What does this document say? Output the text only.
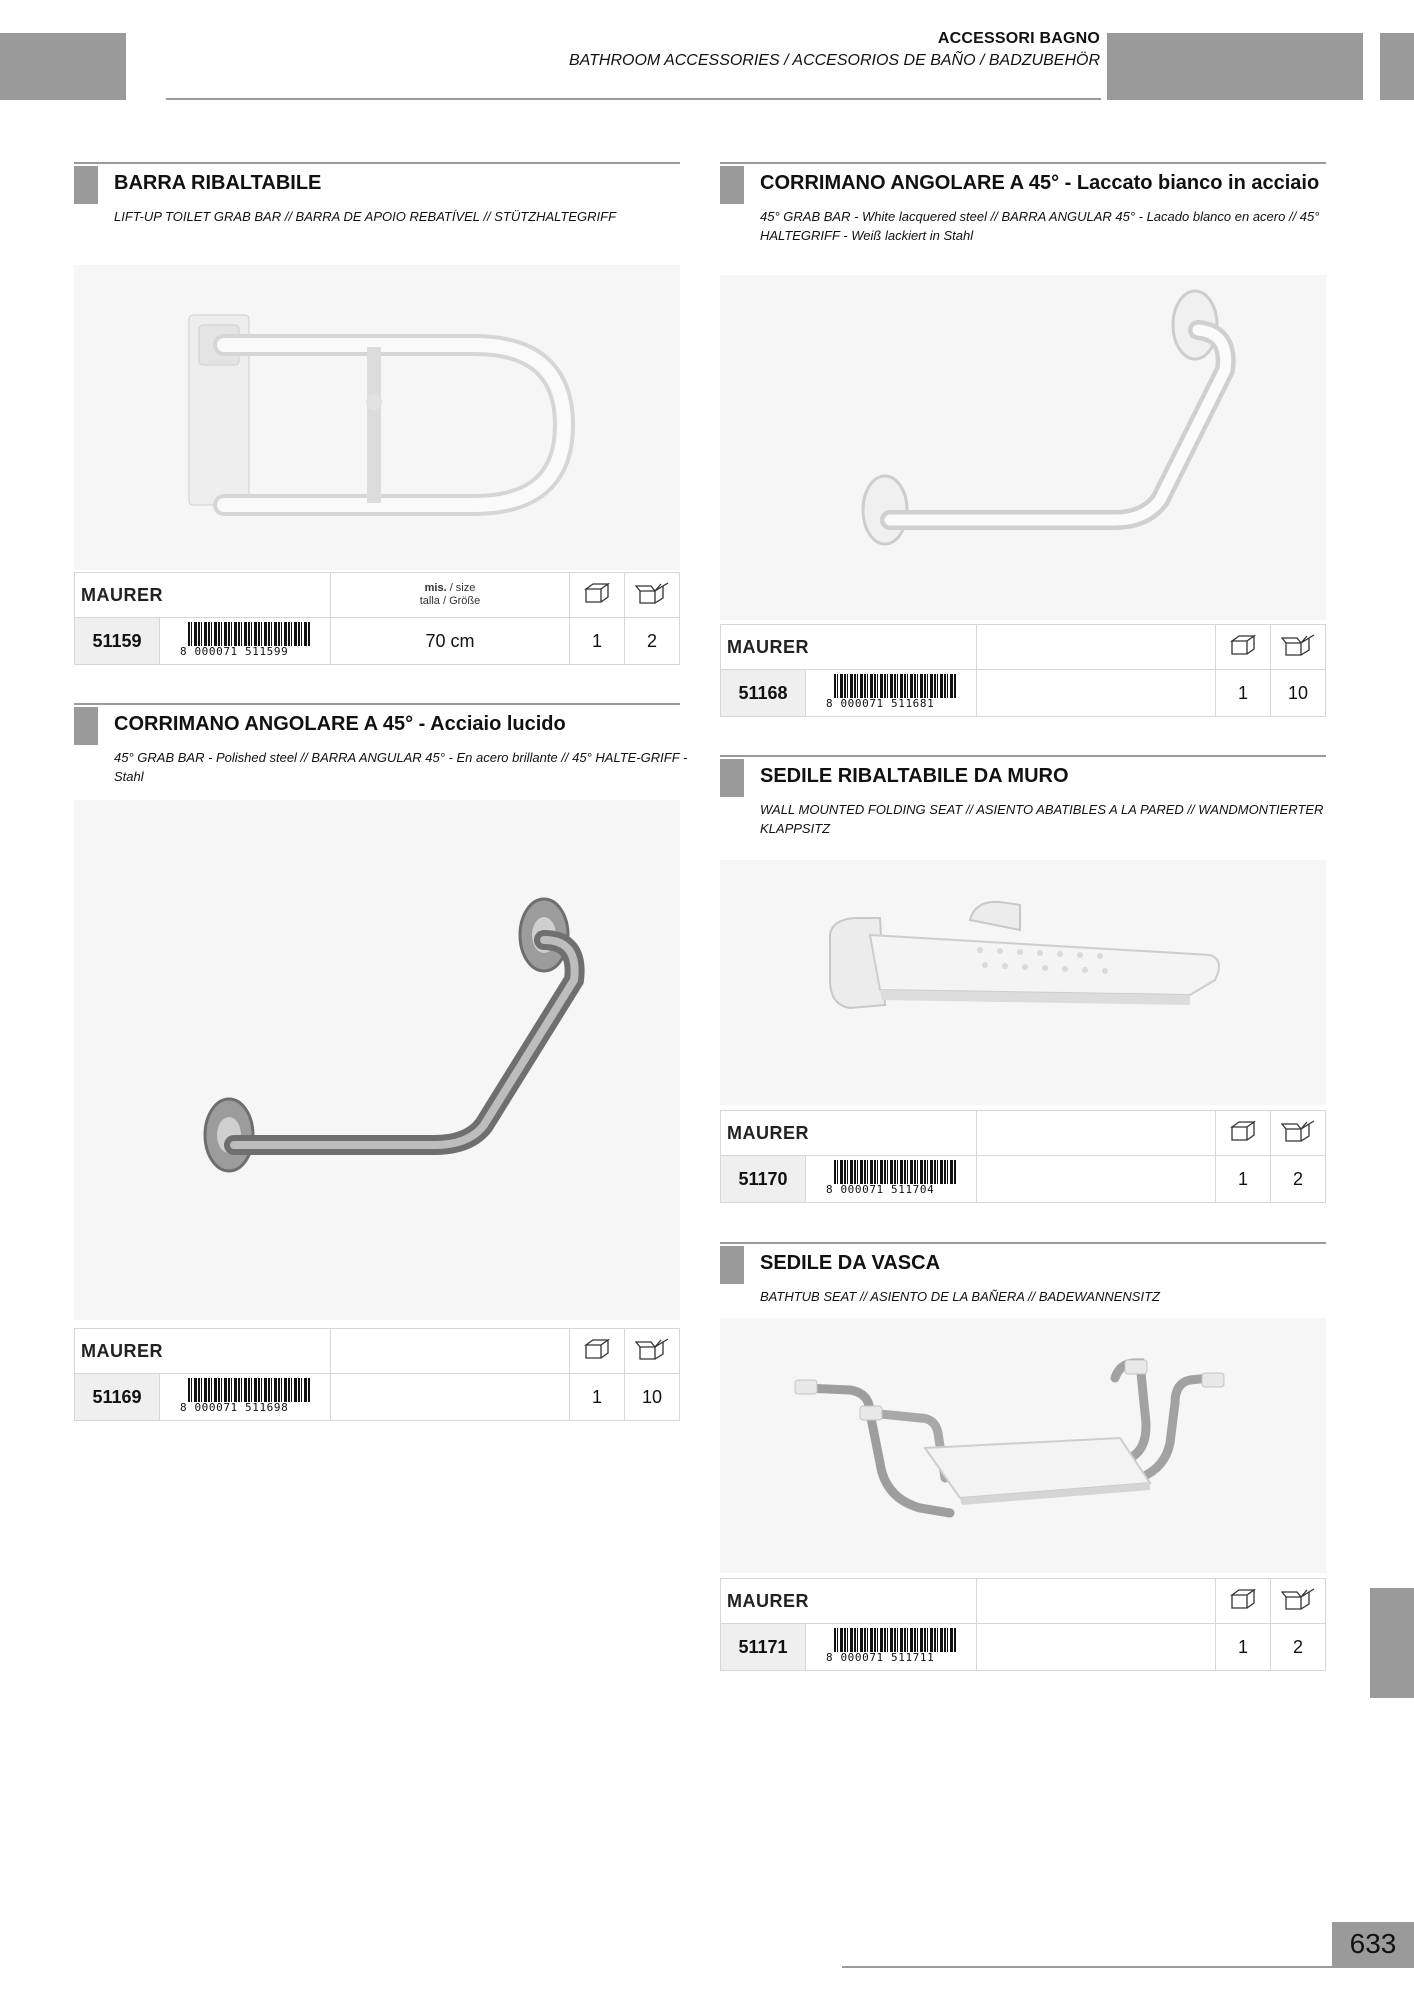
ACCESSORI BAGNO
BATHROOM ACCESSORIES / ACCESORIOS DE BAÑO / BADZUBEHÖR
BARRA RIBALTABILE
LIFT-UP TOILET GRAB BAR // BARRA DE APOIO REBATÍVEL // STÜTZHALTEGRIFF
MAURER		mis. / size
talla / Größe

51159	8 000071 511599	70 cm	1	2
CORRIMANO ANGOLARE A 45° - Acciaio lucido
45° GRAB BAR - Polished steel // BARRA ANGULAR 45° - En acero brillante // 45° HALTE-GRIFF - Stahl
MAURER			
51169	8 000071 511698		1	10
CORRIMANO ANGOLARE A 45° - Laccato bianco in acciaio
45° GRAB BAR - White lacquered steel // BARRA ANGULAR 45° - Lacado blanco en acero // 45° HALTEGRIFF - Weiß lackiert in Stahl
MAURER			
51168	8 000071 511681		1	10
SEDILE RIBALTABILE DA MURO
WALL MOUNTED FOLDING SEAT // ASIENTO ABATIBLES A LA PARED // WANDMONTIERTER KLAPPSITZ
MAURER			
51170	8 000071 511704		1	2
SEDILE DA VASCA
BATHTUB SEAT // ASIENTO DE LA BAÑERA // BADEWANNENSITZ
MAURER			
51171	8 000071 511711		1	2
633
